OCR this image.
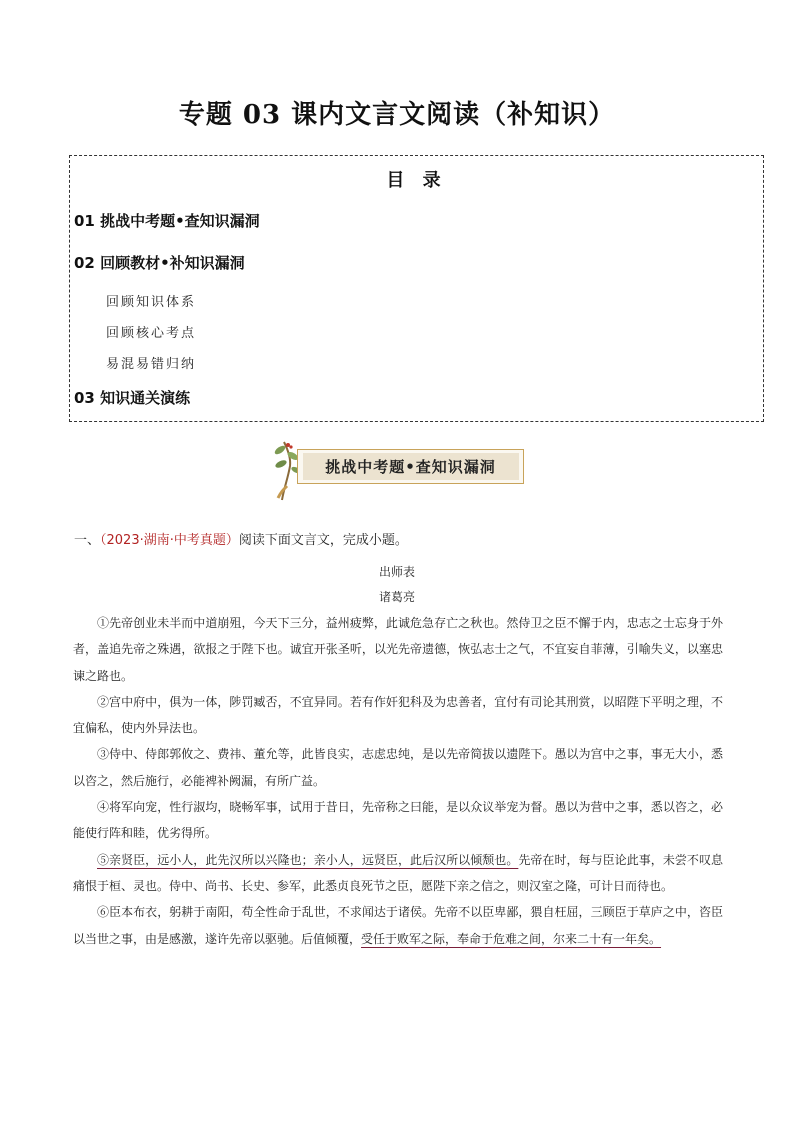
专题 03 课内文言文阅读（补知识）
目 录
01 挑战中考题•查知识漏洞
02 回顾教材•补知识漏洞
回顾知识体系
回顾核心考点
易混易错归纳
03 知识通关演练
挑战中考题•查知识漏洞
一、（2023·湖南·中考真题）阅读下面文言文，完成小题。
出师表
诸葛亮

①先帝创业未半而中道崩殂，今天下三分，益州疲弊，此诚危急存亡之秋也。然侍卫之臣不懈于内，忠志之士忘身于外者，盖追先帝之殊遇，欲报之于陛下也。诚宜开张圣听，以光先帝遗德，恢弘志士之气，不宜妄自菲薄，引喻失义，以塞忠谏之路也。

②宫中府中，俱为一体，陟罚臧否，不宜异同。若有作奸犯科及为忠善者，宜付有司论其刑赏，以昭陛下平明之理，不宜偏私，使内外异法也。

③侍中、侍郎郭攸之、费祎、董允等，此皆良实，志虑忠纯，是以先帝简拔以遗陛下。愚以为宫中之事，事无大小，悉以咨之，然后施行，必能裨补阙漏，有所广益。

④将军向宠，性行淑均，晓畅军事，试用于昔日，先帝称之曰能，是以众议举宠为督。愚以为营中之事，悉以咨之，必能使行阵和睦，优劣得所。

⑤亲贤臣，远小人，此先汉所以兴隆也；亲小人，远贤臣，此后汉所以倾颓也。先帝在时，每与臣论此事，未尝不叹息痛恨于桓、灵也。侍中、尚书、长史、参军，此悉贞良死节之臣，愿陛下亲之信之，则汉室之隆，可计日而待也。

⑥臣本布衣，躬耕于南阳，苟全性命于乱世，不求闻达于诸侯。先帝不以臣卑鄙，猥自枉屈，三顾臣于草庐之中，咨臣以当世之事，由是感激，遂许先帝以驱驰。后值倾覆，受任于败军之际，奉命于危难之间，尔来二十有一年矣。
